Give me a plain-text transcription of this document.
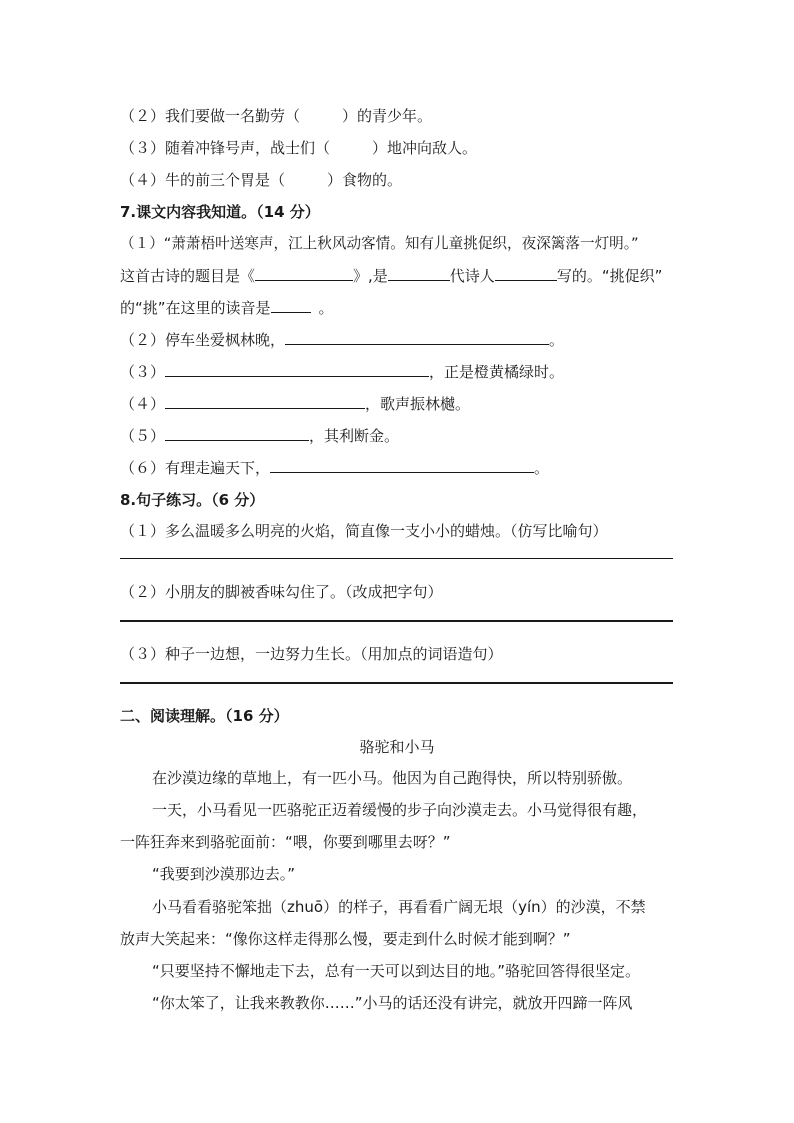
（２）我们要做一名勤劳（	）的青少年。
（３）随着冲锋号声，战士们（	）地冲向敌人。
（４）牛的前三个胃是（	）食物的。
7.课文内容我知道。（14 分）
（１）“萧萧梧叶送寒声，江上秋风动客情。知有儿童挑促织，夜深篱落一灯明。”
这首古诗的题目是《	》,是	代诗人	写的。“挑促织”
的“挑”在这里的读音是	。
（２）停车坐爱枫林晚，	。
（３）	，正是橙黄橘绿时。
（４）	，歌声振林樾。
（５）	，其利断金。
（６）有理走遍天下，	。
8.句子练习。（6 分）
（１）多么温暖多么明亮的火焰，简直像一支小小的蜡烛。（仿写比喻句）
（２）小朋友的脚被香味勾住了。（改成把字句）
（３）种子一边想，一边努力生长。（用加点的词语造句）
二、阅读理解。（16 分）
骆驼和小马
在沙漠边缘的草地上，有一匹小马。他因为自己跑得快，所以特别骄傲。
一天，小马看见一匹骆驼正迈着缓慢的步子向沙漠走去。小马觉得很有趣，
一阵狂奔来到骆驼面前：“喂，你要到哪里去呀？”
“我要到沙漠那边去。”
小马看看骆驼笨拙（zhuō）的样子，再看看广阔无垠（yín）的沙漠，不禁
放声大笑起来：“像你这样走得那么慢，要走到什么时候才能到啊？”
“只要坚持不懈地走下去，总有一天可以到达目的地。”骆驼回答得很坚定。
“你太笨了，让我来教教你……”小马的话还没有讲完，就放开四蹄一阵风
